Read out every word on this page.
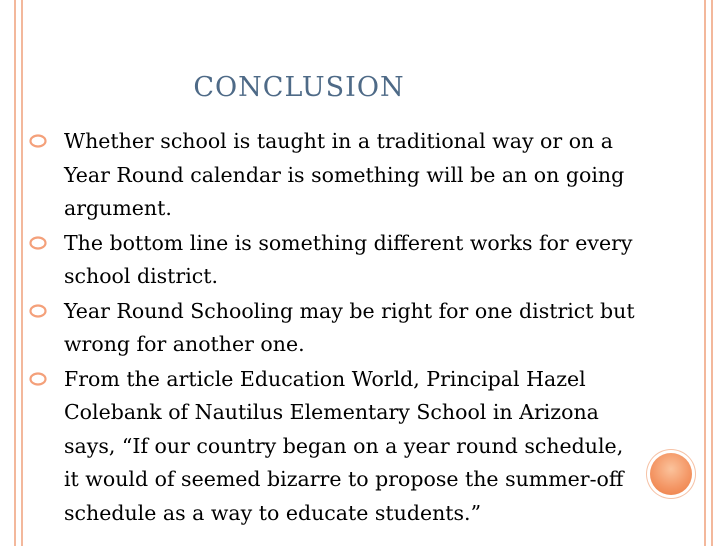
CONCLUSION
Whether school is taught in a traditional way or on a Year Round calendar is something will be an on going argument.
The bottom line is something different works for every school district.
Year Round Schooling may be right for one district but wrong for another one.
From the article Education World, Principal Hazel Colebank of Nautilus Elementary School in Arizona says, “If our country began on a year round schedule, it would of seemed bizarre to propose the summer-off schedule as a way to educate students.”
